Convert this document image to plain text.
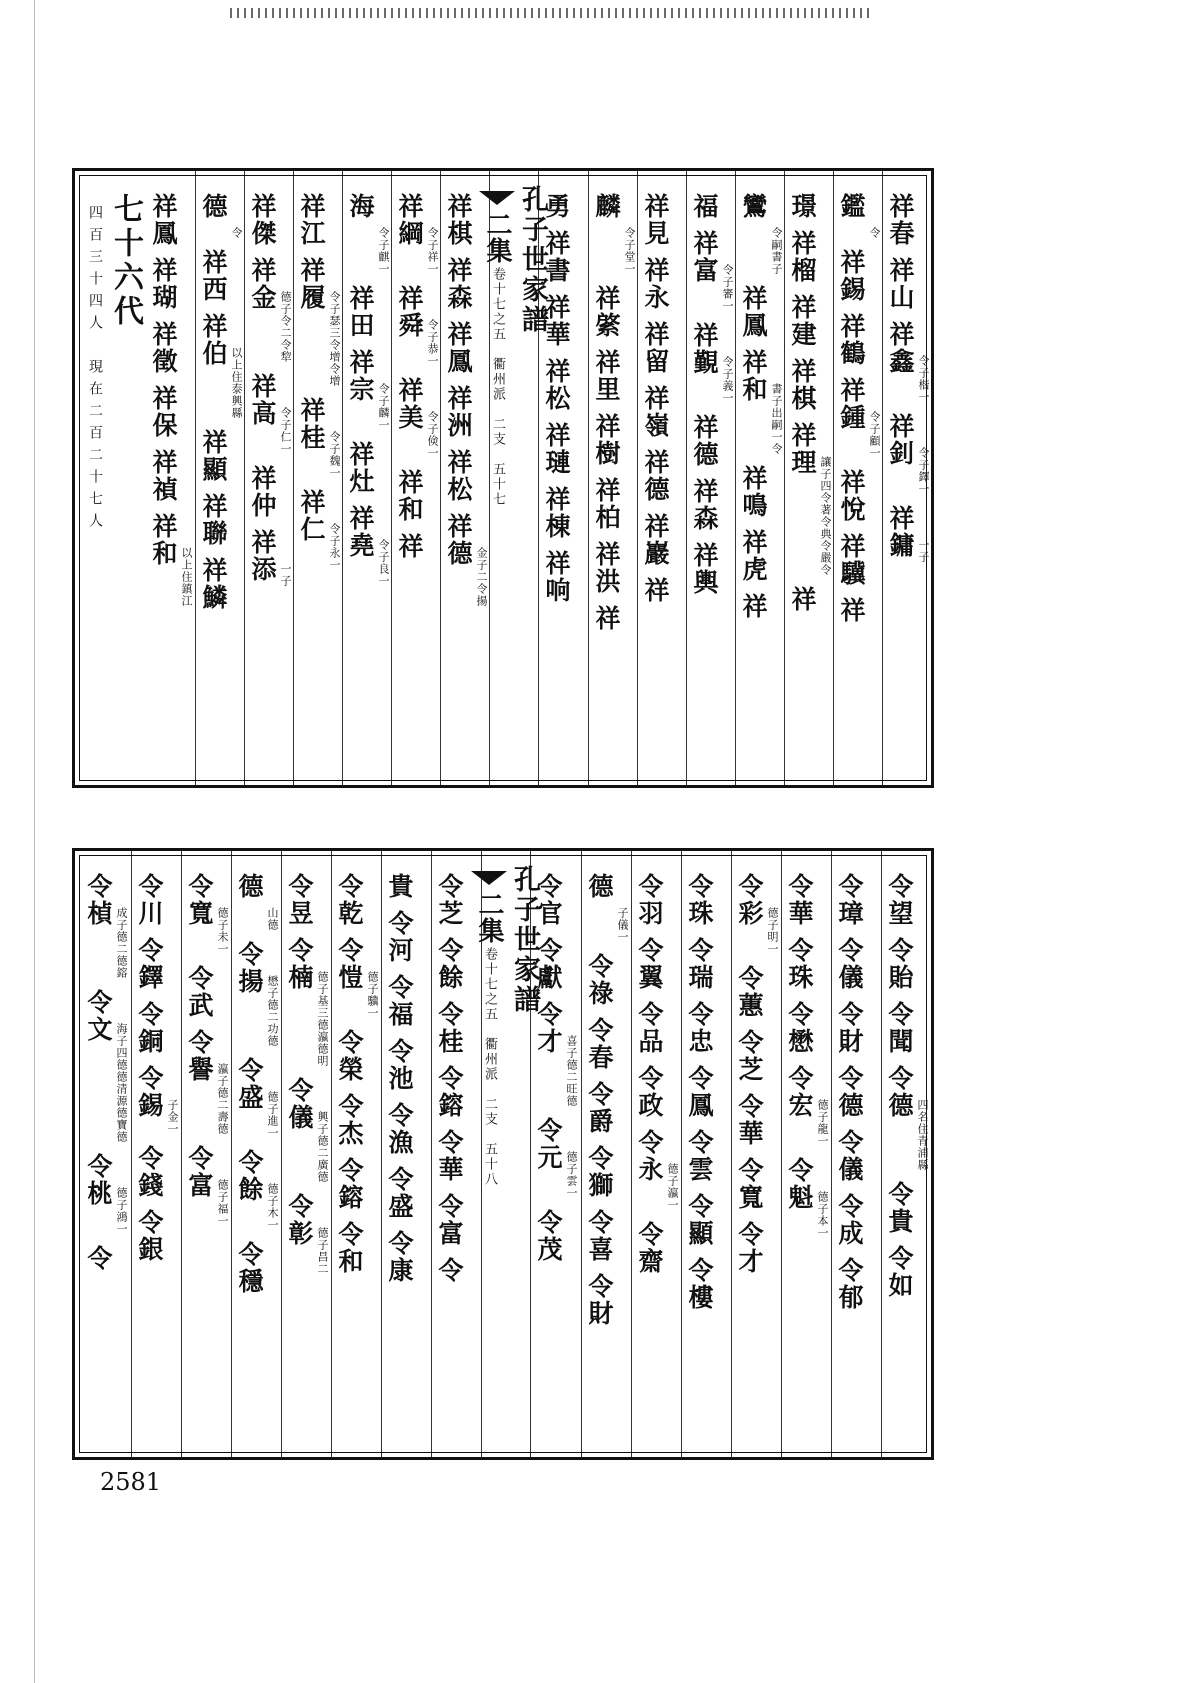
祥春
祥山
祥鑫
令子楷一
祥釗
令子鐸一
祥鏞 一子
鑑
令
祥錫
祥鶴
祥鍾
令子顧一
祥悅
祥驥
祥
璟
祥榴
祥建
祥棋
祥理
讓子四令著令典令嚴令
祥
鸞
令嗣書子
祥鳳
祥和
書子出嗣一令
祥鳴
祥虎
祥
福
祥富
令子審一
祥覲
令子義一
祥德
祥森
祥輿
祥見
祥永
祥留
祥嶺
祥德
祥巖
祥
麟
令子堂一
祥綮
祥里
祥樹
祥柏
祥洪
祥
勇
祥書
祥華
祥松
祥璉
祥棟
祥响
孔子世家譜
二集
卷十七之五　衢州派　二支　五十七
祥棋
祥森
祥鳳
祥洲
祥松
祥德
金子二令揚
祥綱
令子祥一
祥舜
令子恭一
祥美
令子倹一
祥和
祥
海
令子麒一
祥田
祥宗
令子麟一
祥灶
祥堯
令子良一
祥江
祥履
令子瑟三令增令增
祥桂
令子魏一
祥仁
令子永一
祥傑
祥金
德子令二令犂
祥高
令子仁一
祥仲
祥添 一子
德
令
祥西
祥伯
以上住泰興縣
祥顯
祥聯
祥鱗
祥鳳
祥瑚
祥徵
祥保
祥禎
祥和
以上住鎮江
七十六代
四百三十四人　現在二百二十七人
令望
令貽
令聞
令德
四名住青浦縣
令貴
令如
令璋
令儀
令財
令德
令儀
令成
令郁
令華
令珠
令懋
令宏
德子龍一
令魁
德子本一
令彩
德子明一
令蕙
令芝
令華
令寬
令才
令珠
令瑞
令忠
令鳳
令雲
令顯
令樓
令羽
令翼
令品
令政
令永
德子瀛一
令齋
德
子儀一
令祿
令春
令爵
令獅
令喜
令財
令官
令獻
令才
喜子德二旺德
令元
德子雲一
令茂
孔子世家譜
二集
卷十七之五　衢州派　二支　五十八
令芝
令餘
令桂
令鎔
令華
令富
令
貴
令河
令福
令池
令漁
令盛
令康
令乾
令愷
德子驥一
令榮
令杰
令鎔
令和
令昱
令楠
德子基三德瀛德明
令儀
興子德二廣德
令彰
德子昌二
德
山德
令揚
懋子德二功德
令盛
德子進一
令餘
德子木一
令穩
令寬
德子未一
令武
令譽
瀛子德二壽德
令富
德子福一
令川
令鐸
令銅
令錫 子金一
令錢
令銀
令楨
成子德二德鎔
令文
海子四德德清源德寶德
令桃
德子鴻一
令
2581
